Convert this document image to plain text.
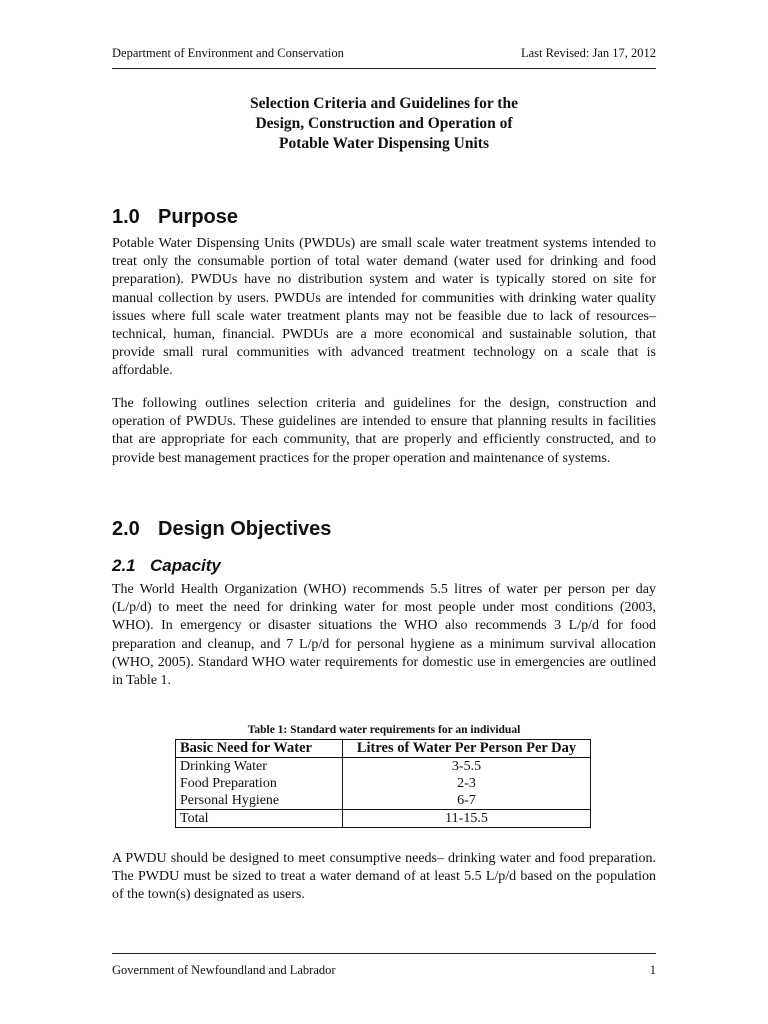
Department of Environment and Conservation	Last Revised: Jan 17, 2012
Selection Criteria and Guidelines for the
Design, Construction and Operation of
Potable Water Dispensing Units
1.0 Purpose

Potable Water Dispensing Units (PWDUs) are small scale water treatment systems intended to treat only the consumable portion of total water demand (water used for drinking and food preparation). PWDUs have no distribution system and water is typically stored on site for manual collection by users. PWDUs are intended for communities with drinking water quality issues where full scale water treatment plants may not be feasible due to lack of resources– technical, human, financial. PWDUs are a more economical and sustainable solution, that provide small rural communities with advanced treatment technology on a scale that is affordable.

The following outlines selection criteria and guidelines for the design, construction and operation of PWDUs. These guidelines are intended to ensure that planning results in facilities that are appropriate for each community, that are properly and efficiently constructed, and to provide best management practices for the proper operation and maintenance of systems.

2.0 Design Objectives
2.1 Capacity

The World Health Organization (WHO) recommends 5.5 litres of water per person per day (L/p/d) to meet the need for drinking water for most people under most conditions (2003, WHO). In emergency or disaster situations the WHO also recommends 3 L/p/d for food preparation and cleanup, and 7 L/p/d for personal hygiene as a minimum survival allocation (WHO, 2005). Standard WHO water requirements for domestic use in emergencies are outlined in Table 1.

Table 1: Standard water requirements for an individual
Basic Need for Water	Litres of Water Per Person Per Day
Drinking Water	3-5.5
Food Preparation	2-3
Personal Hygiene	6-7
Total	11-15.5

A PWDU should be designed to meet consumptive needs– drinking water and food preparation. The PWDU must be sized to treat a water demand of at least 5.5 L/p/d based on the population of the town(s) designated as users.

Government of Newfoundland and Labrador	1
